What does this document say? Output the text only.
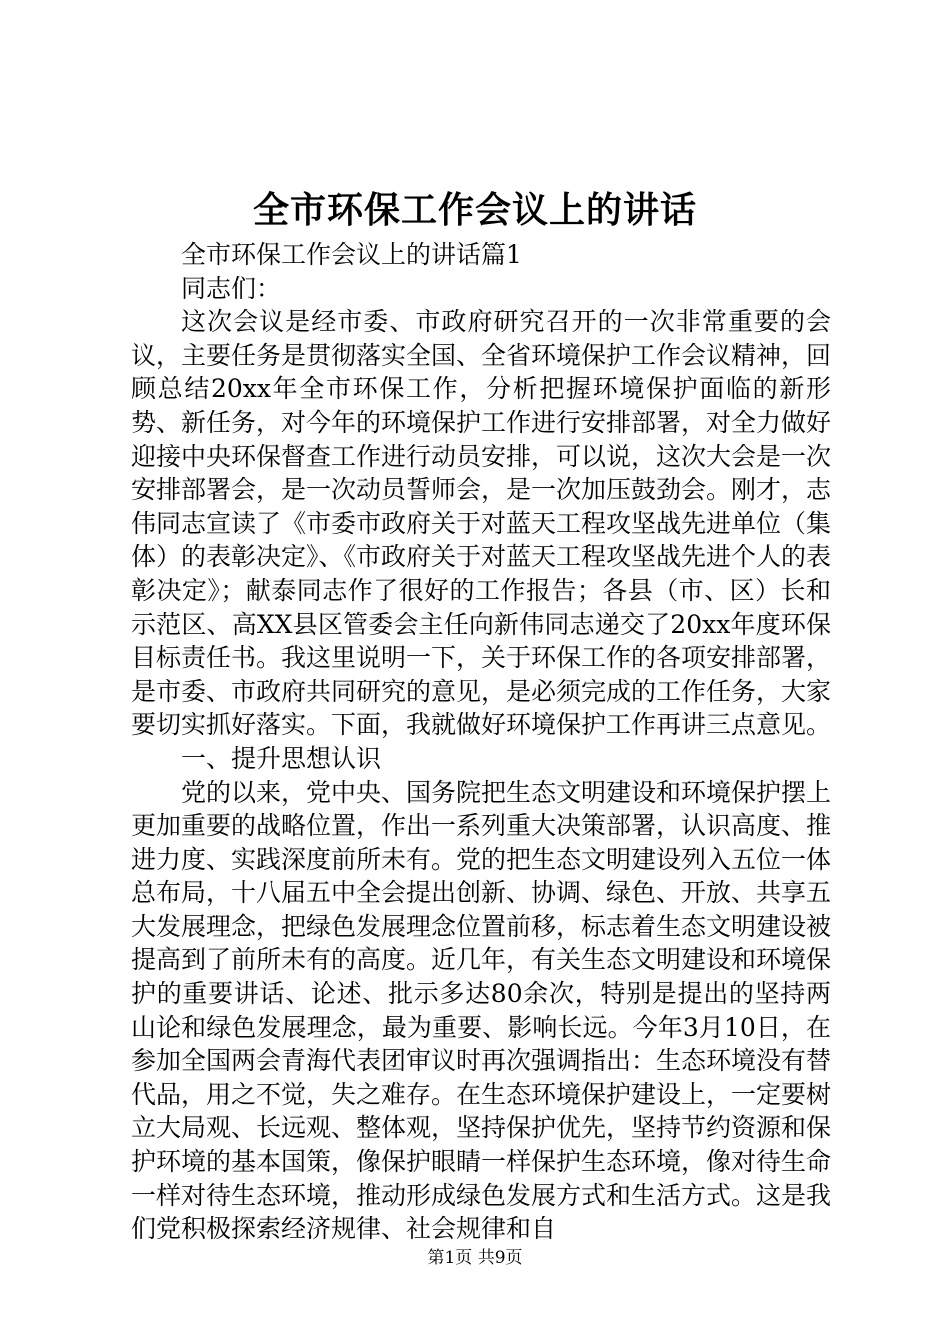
全市环保工作会议上的讲话

全市环保工作会议上的讲话篇1

同志们：

这次会议是经市委、市政府研究召开的一次非常重要的会议，主要任务是贯彻落实全国、全省环境保护工作会议精神，回顾总结20xx年全市环保工作，分析把握环境保护面临的新形势、新任务，对今年的环境保护工作进行安排部署，对全力做好迎接中央环保督查工作进行动员安排，可以说，这次大会是一次安排部署会，是一次动员誓师会，是一次加压鼓劲会。刚才，志伟同志宣读了《市委市政府关于对蓝天工程攻坚战先进单位（集体）的表彰决定》、《市政府关于对蓝天工程攻坚战先进个人的表彰决定》；献泰同志作了很好的工作报告；各县（市、区）长和示范区、高XX县区管委会主任向新伟同志递交了20xx年度环保目标责任书。我这里说明一下，关于环保工作的各项安排部署，是市委、市政府共同研究的意见，是必须完成的工作任务，大家要切实抓好落实。下面，我就做好环境保护工作再讲三点意见。

一、提升思想认识

党的以来，党中央、国务院把生态文明建设和环境保护摆上更加重要的战略位置，作出一系列重大决策部署，认识高度、推进力度、实践深度前所未有。党的把生态文明建设列入五位一体总布局，十八届五中全会提出创新、协调、绿色、开放、共享五大发展理念，把绿色发展理念位置前移，标志着生态文明建设被提高到了前所未有的高度。近几年，有关生态文明建设和环境保护的重要讲话、论述、批示多达80余次，特别是提出的坚持两山论和绿色发展理念，最为重要、影响长远。今年3月10日，在参加全国两会青海代表团审议时再次强调指出：生态环境没有替代品，用之不觉，失之难存。在生态环境保护建设上，一定要树立大局观、长远观、整体观，坚持保护优先，坚持节约资源和保护环境的基本国策，像保护眼睛一样保护生态环境，像对待生命一样对待生态环境，推动形成绿色发展方式和生活方式。这是我们党积极探索经济规律、社会规律和自

第1页 共9页
